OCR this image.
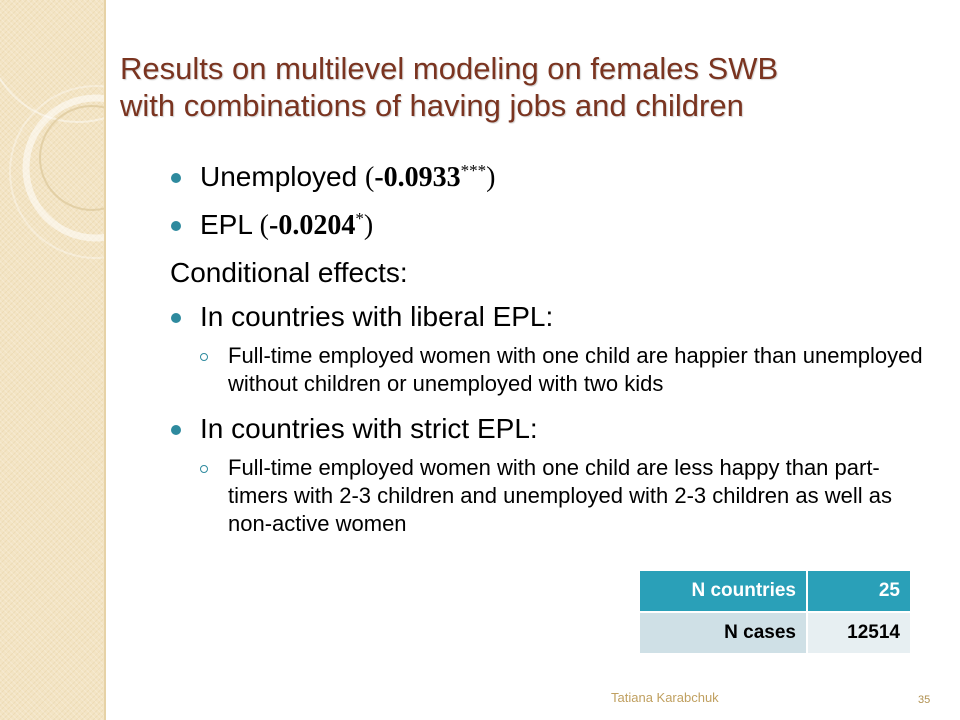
Results on multilevel modeling on females SWB
with combinations of having jobs and children
Unemployed (-0.0933***)
EPL (-0.0204*)
Conditional effects:
In countries with liberal EPL:
Full-time employed women with one child are happier than unemployed without children or unemployed with two kids
In countries with strict EPL:
Full-time employed women with one child are less happy than part-timers with 2-3 children and unemployed with 2-3 children as well as non-active women
N countries	25
N cases	12514
Tatiana Karabchuk	35
